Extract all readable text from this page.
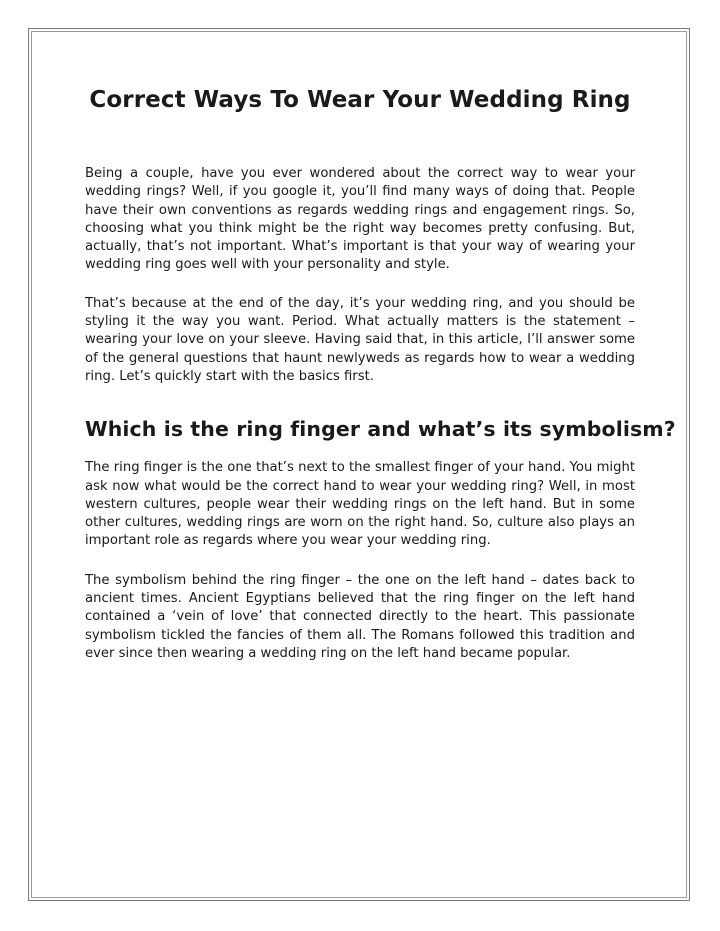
Correct Ways To Wear Your Wedding Ring

Being a couple, have you ever wondered about the correct way to wear your wedding rings? Well, if you google it, you’ll find many ways of doing that. People have their own conventions as regards wedding rings and engagement rings. So, choosing what you think might be the right way becomes pretty confusing. But, actually, that’s not important. What’s important is that your way of wearing your wedding ring goes well with your personality and style.

That’s because at the end of the day, it’s your wedding ring, and you should be styling it the way you want. Period. What actually matters is the statement – wearing your love on your sleeve. Having said that, in this article, I’ll answer some of the general questions that haunt newlyweds as regards how to wear a wedding ring. Let’s quickly start with the basics first.

Which is the ring finger and what’s its symbolism?

The ring finger is the one that’s next to the smallest finger of your hand. You might ask now what would be the correct hand to wear your wedding ring? Well, in most western cultures, people wear their wedding rings on the left hand. But in some other cultures, wedding rings are worn on the right hand. So, culture also plays an important role as regards where you wear your wedding ring.

The symbolism behind the ring finger – the one on the left hand – dates back to ancient times. Ancient Egyptians believed that the ring finger on the left hand contained a ‘vein of love’ that connected directly to the heart. This passionate symbolism tickled the fancies of them all. The Romans followed this tradition and ever since then wearing a wedding ring on the left hand became popular.
